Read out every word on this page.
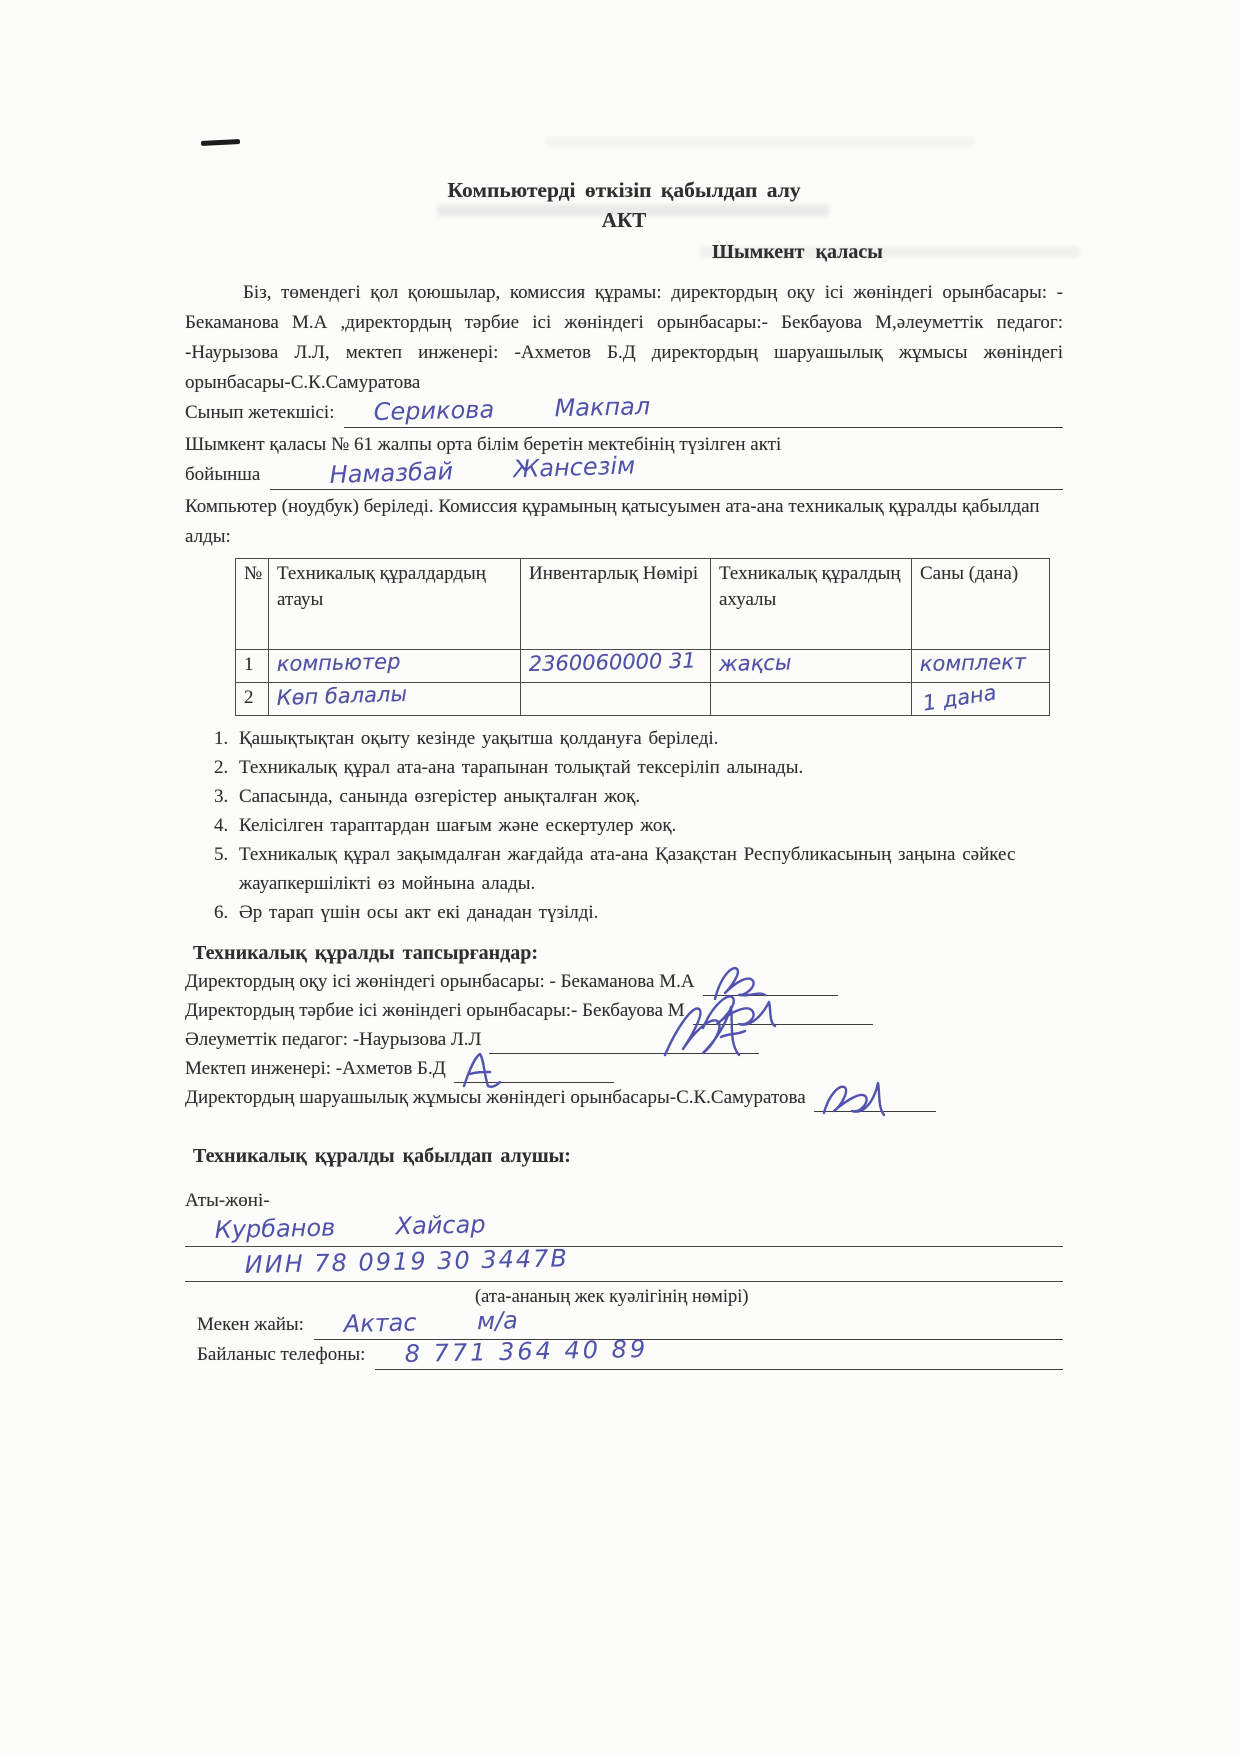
Компьютерді өткізіп қабылдап алу
АКТ
Шымкент қаласы

Біз, төмендегі қол қоюшылар, комиссия құрамы: директордың оқу ісі жөніндегі орынбасары: - Бекаманова М.А ,директордың тәрбие ісі жөніндегі орынбасары:- Бекбауова М,әлеуметтік педагог: -Наурызова Л.Л, мектеп инженері: -Ахметов Б.Д директордың шаруашылық жұмысы жөніндегі орынбасары-С.К.Самуратова

Сынып жетекшісі:	Серикова Макпал

Шымкент қаласы № 61 жалпы орта білім беретін мектебінің түзілген акті

бойынша	Намазбай Жансезім

Компьютер (ноудбук) беріледі. Комиссия құрамының қатысуымен ата-ана техникалық құралды қабылдап алды:

№	Техникалық құралдардың атауы	Инвентарлық Нөмірі	Техникалық құралдың ахуалы	Саны (дана)
1	компьютер	2360060000 31	жақсы	комплект
2	Көп балалы			1 дана
1. Қашықтықтан оқыту кезінде уақытша қолдануға беріледі.
2. Техникалық құрал ата-ана тарапынан толықтай тексеріліп алынады.
3. Сапасында, санында өзгерістер анықталған жоқ.
4. Келісілген тараптардан шағым және ескертулер жоқ.
5. Техникалық құрал зақымдалған жағдайда ата-ана Қазақстан Республикасының заңына сәйкес жауапкершілікті өз мойнына алады.
6. Әр тарап үшін осы акт екі данадан түзілді.

Техникалық құралды тапсырғандар:

Директордың оқу ісі жөніндегі орынбасары: - Бекаманова М.А
Директордың тәрбие ісі жөніндегі орынбасары:- Бекбауова М
Әлеуметтік педагог: -Наурызова Л.Л
Мектеп инженері: -Ахметов Б.Д
Директордың шаруашылық жұмысы жөніндегі орынбасары-С.К.Самуратова

Техникалық құралды қабылдап алушы:

Аты-жөні-

Курбанов Хайсар
ИИН 78 0919 30 3447В

(ата-ананың жек куәлігінің нөмірі)

Мекен жайы:	Актас м/а
Байланыс телефоны:	8 771 364 40 89
